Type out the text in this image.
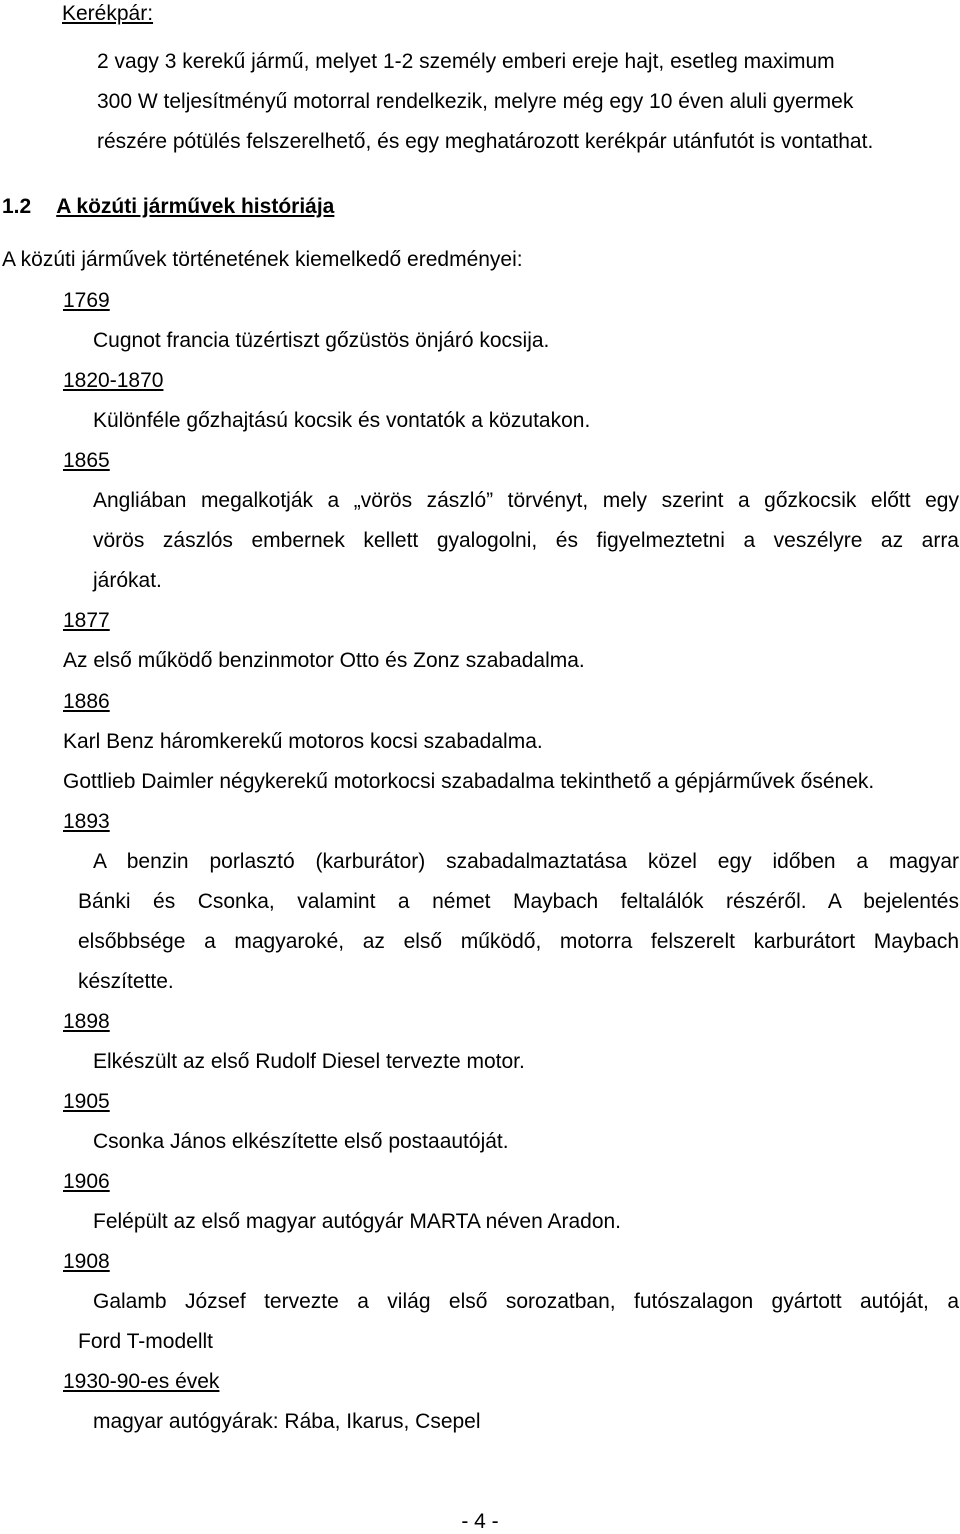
Kerékpár:
2 vagy 3 kerekű jármű, melyet 1-2 személy emberi ereje hajt, esetleg maximum
300 W teljesítményű motorral rendelkezik, melyre még egy 10 éven aluli gyermek
részére pótülés felszerelhető, és egy meghatározott kerékpár utánfutót is vontathat.
1.2 A közúti járművek históriája
A közúti járművek történetének kiemelkedő eredményei:
1769
Cugnot francia tüzértiszt gőzüstös önjáró kocsija.
1820-1870
Különféle gőzhajtású kocsik és vontatók a közutakon.
1865
Angliában megalkotják a „vörös zászló” törvényt, mely szerint a gőzkocsik előtt egy
vörös zászlós embernek kellett gyalogolni, és figyelmeztetni a veszélyre az arra
járókat.
1877
Az első működő benzinmotor Otto és Zonz szabadalma.
1886
Karl Benz háromkerekű motoros kocsi szabadalma.
Gottlieb Daimler négykerekű motorkocsi szabadalma tekinthető a gépjárművek ősének.
1893
A benzin porlasztó (karburátor) szabadalmaztatása közel egy időben a magyar
Bánki és Csonka, valamint a német Maybach feltalálók részéről. A bejelentés
elsőbbsége a magyaroké, az első működő, motorra felszerelt karburátort Maybach
készítette.
1898
Elkészült az első Rudolf Diesel tervezte motor.
1905
Csonka János elkészítette első postaautóját.
1906
Felépült az első magyar autógyár MARTA néven Aradon.
1908
Galamb József tervezte a világ első sorozatban, futószalagon gyártott autóját, a
Ford T-modellt
1930-90-es évek
magyar autógyárak: Rába, Ikarus, Csepel
- 4 -
